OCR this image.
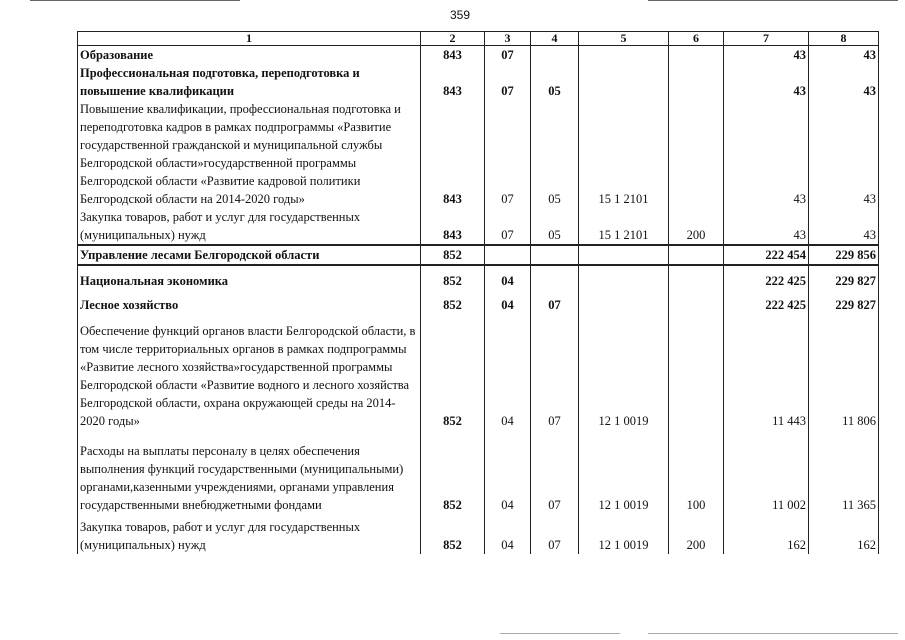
359
1	2	3	4	5	6	7	8
Образование	843	07				43	43
Профессиональная подготовка, переподготовка и повышение квалификации	843	07	05			43	43
Повышение квалификации, профессиональная подготовка и переподготовка кадров в рамках подпрограммы «Развитие государственной гражданской и муниципальной службы Белгородской области»государственной программы Белгородской области «Развитие кадровой политики Белгородской области на 2014-2020 годы»	843	07	05	15 1 2101		43	43
Закупка товаров, работ и услуг для государственных (муниципальных) нужд	843	07	05	15 1 2101	200	43	43
Управление лесами Белгородской области	852					222 454	229 856

Национальная экономика	852	04				222 425	229 827
Лесное хозяйство	852	04	07			222 425	229 827
Обеспечение функций органов власти Белгородской области, в том числе территориальных органов в рамках подпрограммы «Развитие лесного хозяйства»государственной программы Белгородской области «Развитие водного и лесного хозяйства Белгородской области, охрана окружающей среды на 2014-2020 годы»	852	04	07	12 1 0019		11 443	11 806
Расходы на выплаты персоналу в целях обеспечения выполнения функций государственными (муниципальными) органами,казенными учреждениями, органами управления государственными внебюджетными фондами	852	04	07	12 1 0019	100	11 002	11 365
Закупка товаров, работ и услуг для государственных (муниципальных) нужд	852	04	07	12 1 0019	200	162	162
